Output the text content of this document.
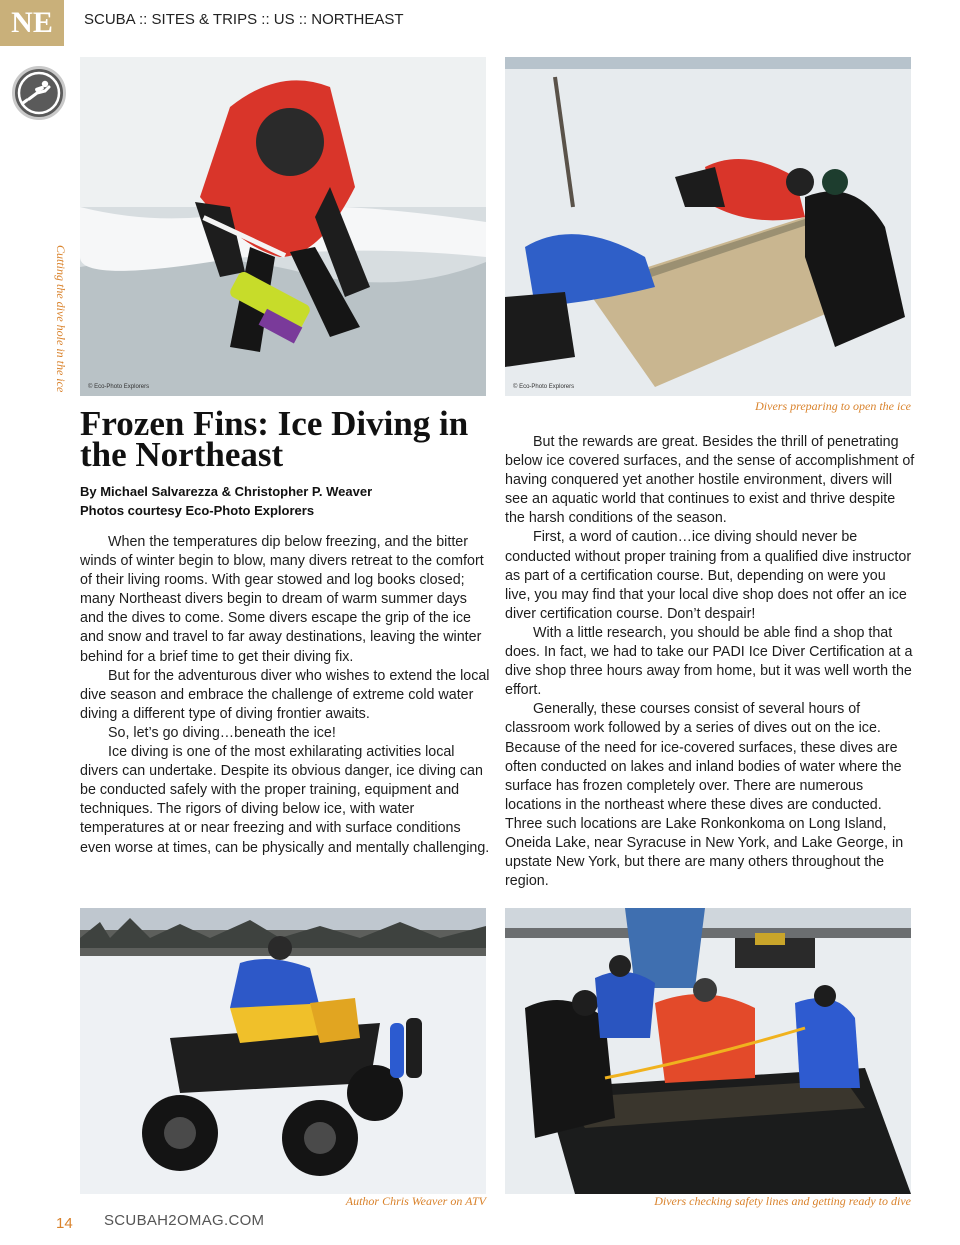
NE	SCUBA :: SITES & TRIPS :: US :: NORTHEAST
© Eco-Photo Explorers
Cutting the dive hole in the ice	© Eco-Photo Explorers
Divers preparing to open the ice
Frozen Fins: Ice Diving in the Northeast
By Michael Salvarezza & Christopher P. Weaver
Photos courtesy Eco-Photo Explorers

When the temperatures dip below freezing, and the bitter winds of winter begin to blow, many divers retreat to the comfort of their living rooms. With gear stowed and log books closed; many Northeast divers begin to dream of warm summer days and the dives to come. Some divers escape the grip of the ice and snow and travel to far away destinations, leaving the winter behind for a brief time to get their diving fix.

But for the adventurous diver who wishes to extend the local dive season and embrace the challenge of extreme cold water diving a different type of diving frontier awaits.

So, let’s go diving…beneath the ice!

Ice diving is one of the most exhilarating activities local divers can undertake. Despite its obvious danger, ice diving can be conducted safely with the proper training, equipment and techniques. The rigors of diving below ice, with water temperatures at or near freezing and with surface conditions even worse at times, can be physically and mentally challenging.

But the rewards are great. Besides the thrill of penetrating below ice covered surfaces, and the sense of accomplishment of having conquered yet another hostile environment, divers will see an aquatic world that continues to exist and thrive despite the harsh conditions of the season.

First, a word of caution…ice diving should never be conducted without proper training from a qualified dive instructor as part of a certification course. But, depending on were you live, you may find that your local dive shop does not offer an ice diver certification course. Don’t despair!

With a little research, you should be able find a shop that does. In fact, we had to take our PADI Ice Diver Certification at a dive shop three hours away from home, but it was well worth the effort.

Generally, these courses consist of several hours of classroom work followed by a series of dives out on the ice. Because of the need for ice-covered surfaces, these dives are often conducted on lakes and inland bodies of water where the surface has frozen completely over. There are numerous locations in the northeast where these dives are conducted. Three such locations are Lake Ronkonkoma on Long Island, Oneida Lake, near Syracuse in New York, and Lake George, in upstate New York, but there are many others throughout the region.

Author Chris Weaver on ATV	Divers checking safety lines and getting ready to dive
14 SCUBAH2OMAG.COM
